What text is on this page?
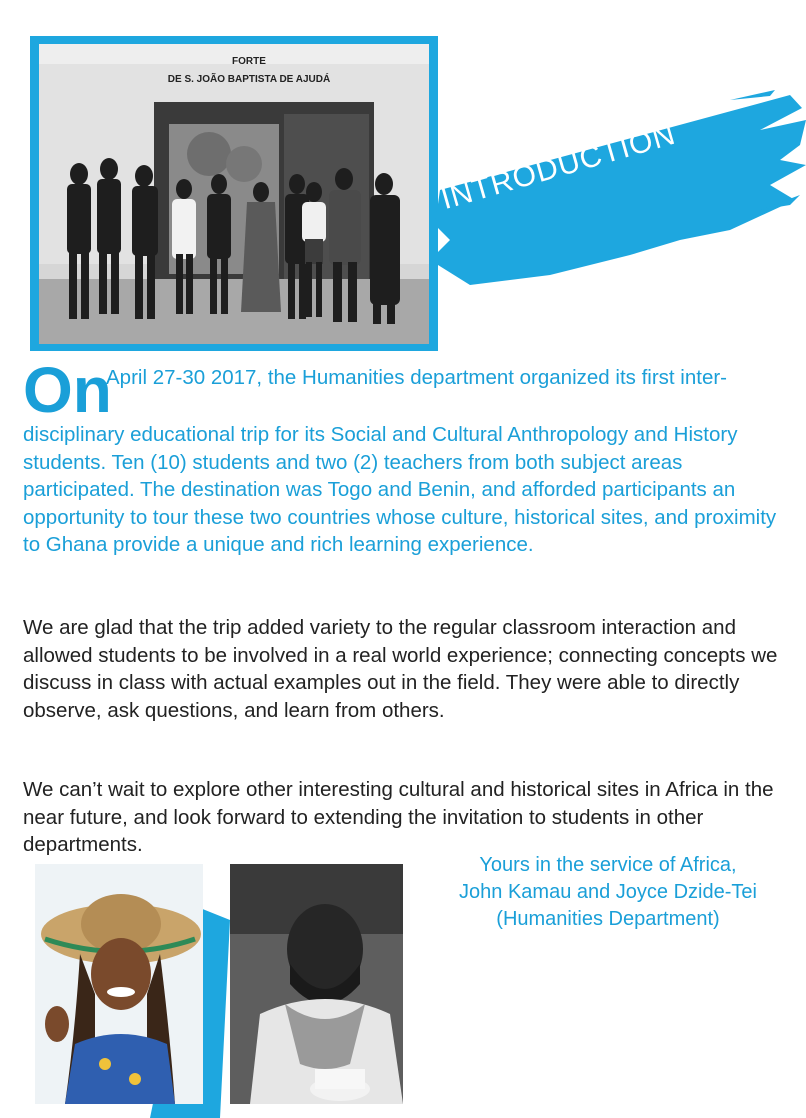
FORTE
DE S. JOÃO BAPTISTA DE AJUDÁ
INTRODUCTION
On
April 27-30 2017, the Humanities department organized its first inter-
disciplinary educational trip for its Social and Cultural Anthropology and History students. Ten (10) students and two (2) teachers from both subject areas participated. The destination was Togo and Benin, and afforded participants an opportunity to tour these two countries whose culture, historical sites, and proximity to Ghana provide a unique and rich learning experience.
We are glad that the trip added variety to the regular classroom interaction and allowed students to be involved in a real world experience; connecting concepts we discuss in class with actual examples out in the field. They were able to directly observe, ask questions, and learn from others.
We can’t wait to explore other interesting cultural and historical sites in Africa in the near future, and look forward to extending the invitation to students in other departments.
Yours in the service of Africa,
John Kamau and Joyce Dzide-Tei
(Humanities Department)
